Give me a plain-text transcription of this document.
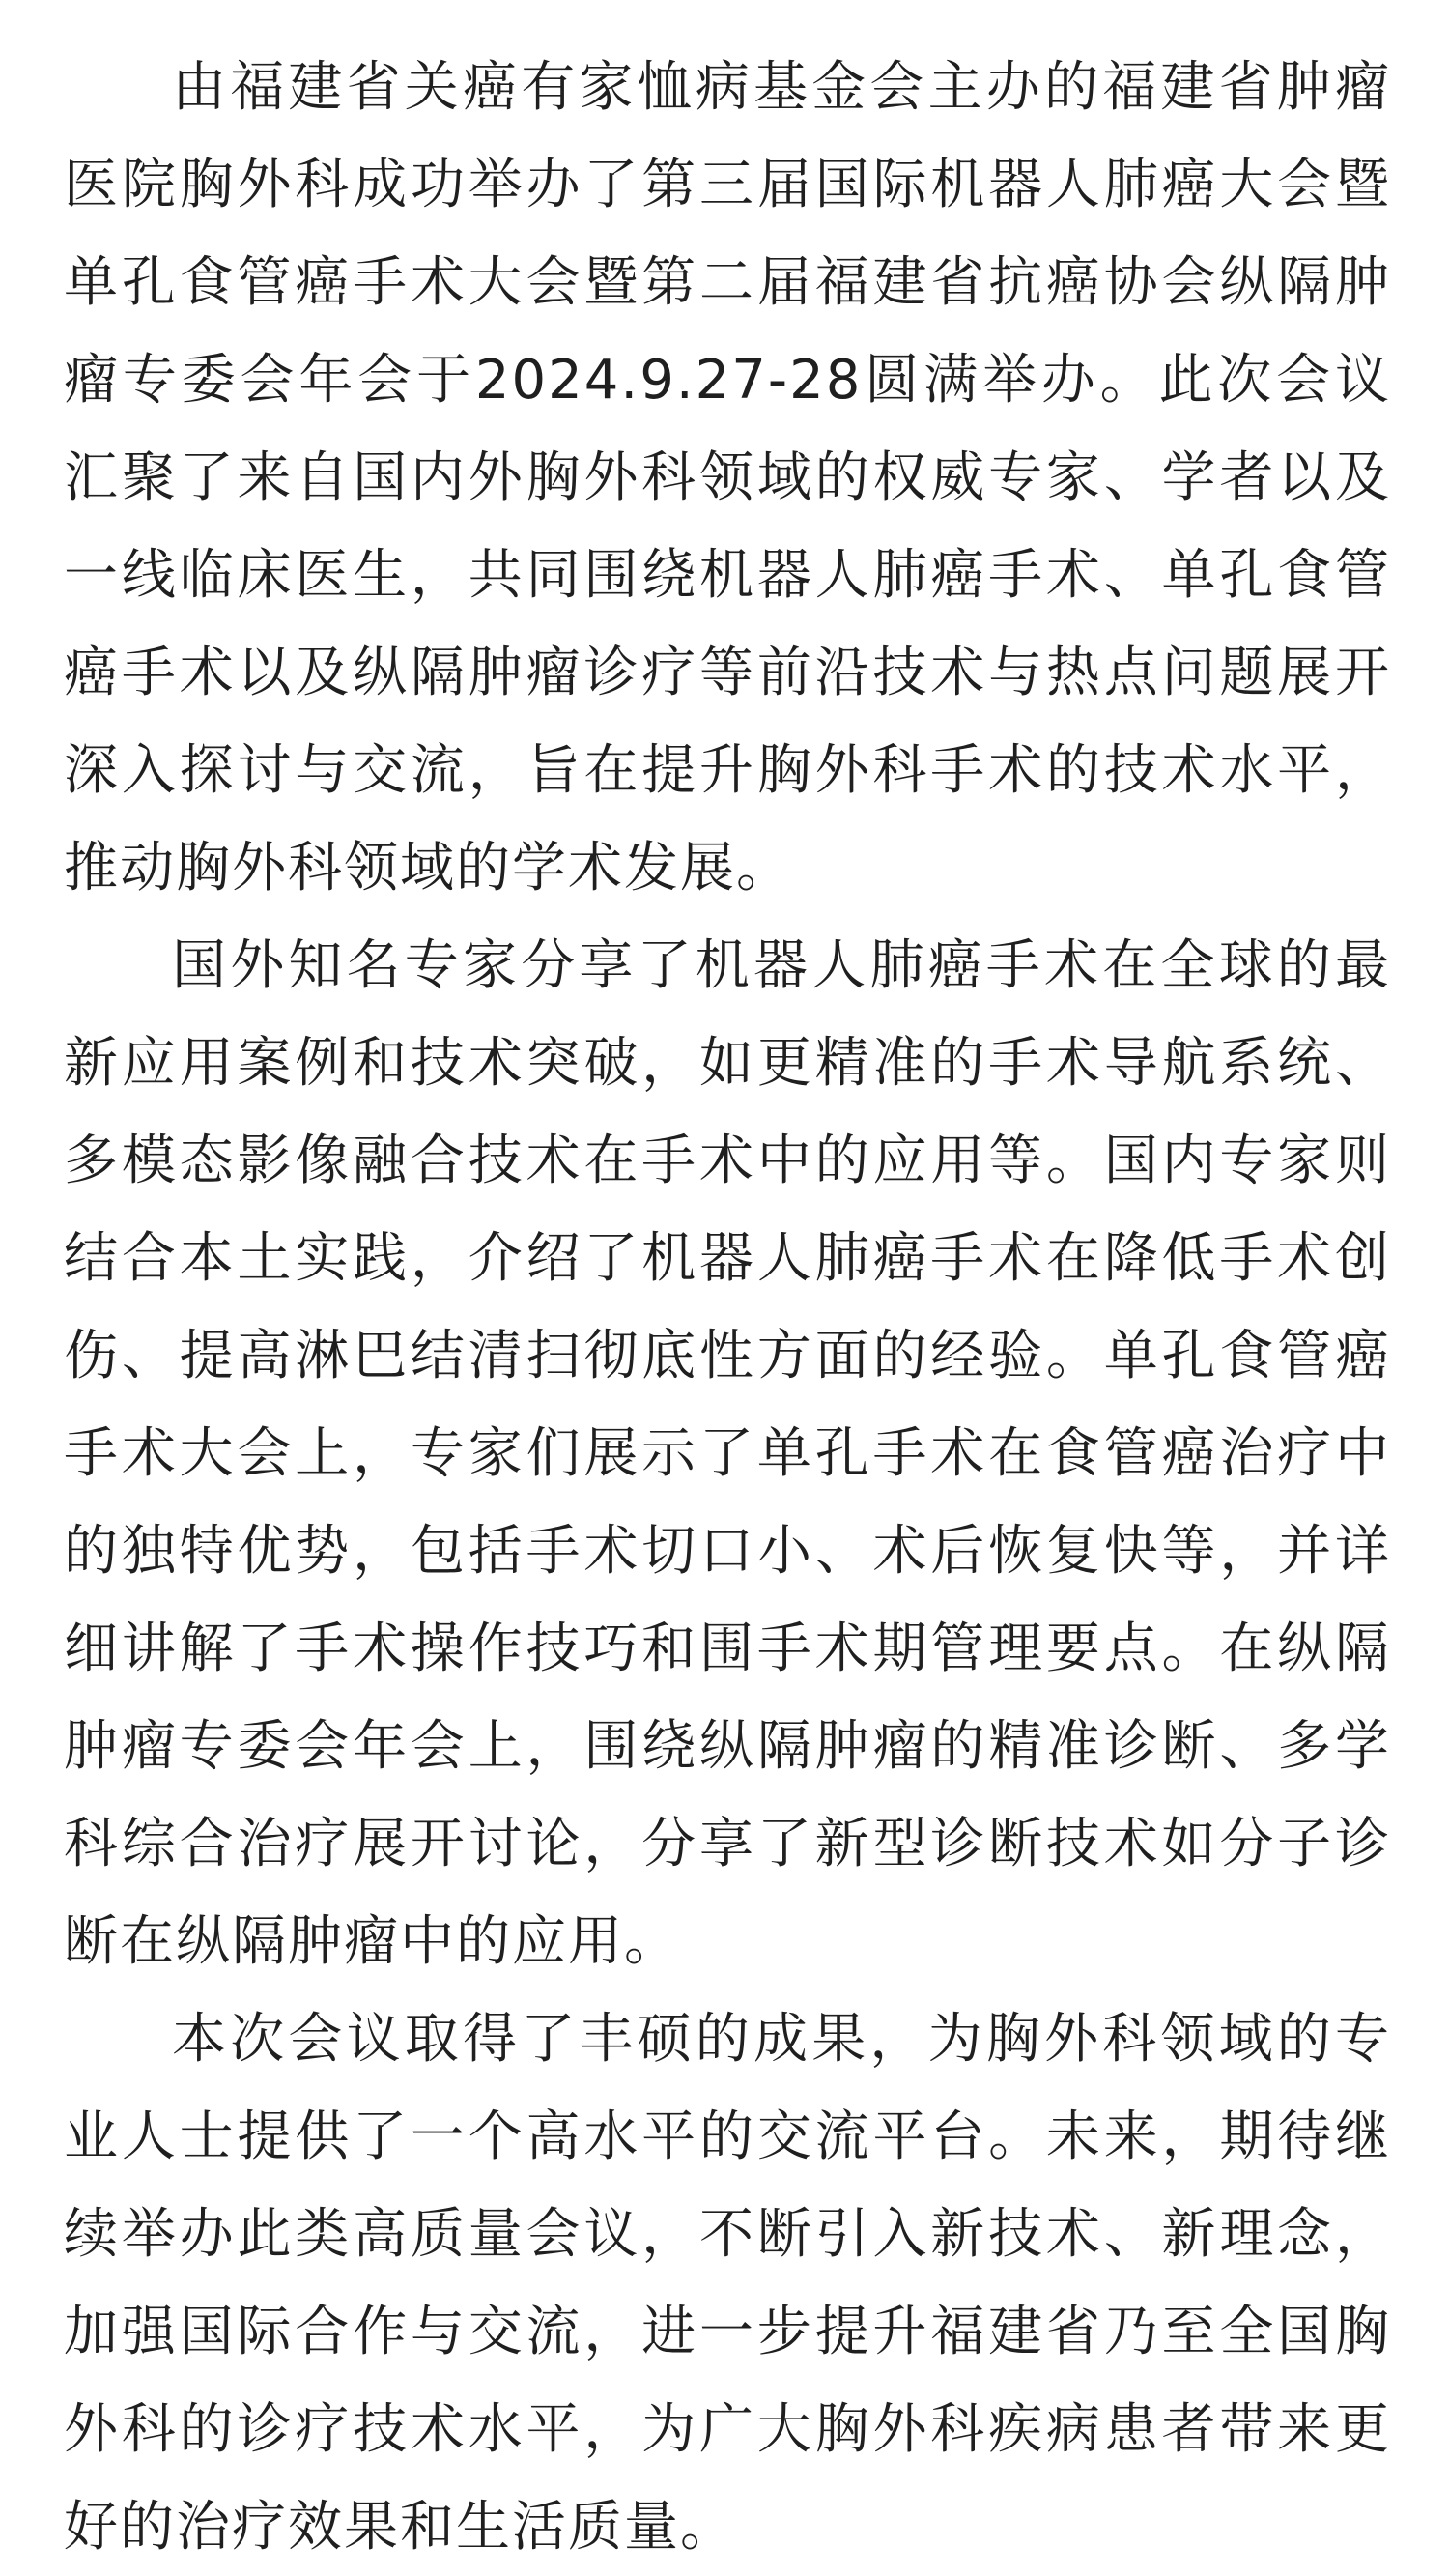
由福建省关癌有家恤病基金会主办的福建省肿瘤医院胸外科成功举办了第三届国际机器人肺癌大会暨单孔食管癌手术大会暨第二届福建省抗癌协会纵隔肿瘤专委会年会于2024.9.27-28圆满举办。此次会议汇聚了来自国内外胸外科领域的权威专家、学者以及一线临床医生，共同围绕机器人肺癌手术、单孔食管癌手术以及纵隔肿瘤诊疗等前沿技术与热点问题展开深入探讨与交流，旨在提升胸外科手术的技术水平，推动胸外科领域的学术发展。

国外知名专家分享了机器人肺癌手术在全球的最新应用案例和技术突破，如更精准的手术导航系统、多模态影像融合技术在手术中的应用等。国内专家则结合本土实践，介绍了机器人肺癌手术在降低手术创伤、提高淋巴结清扫彻底性方面的经验。单孔食管癌手术大会上，专家们展示了单孔手术在食管癌治疗中的独特优势，包括手术切口小、术后恢复快等，并详细讲解了手术操作技巧和围手术期管理要点。在纵隔肿瘤专委会年会上，围绕纵隔肿瘤的精准诊断、多学科综合治疗展开讨论，分享了新型诊断技术如分子诊断在纵隔肿瘤中的应用。

本次会议取得了丰硕的成果，为胸外科领域的专业人士提供了一个高水平的交流平台。未来，期待继续举办此类高质量会议，不断引入新技术、新理念，加强国际合作与交流，进一步提升福建省乃至全国胸外科的诊疗技术水平，为广大胸外科疾病患者带来更好的治疗效果和生活质量。
